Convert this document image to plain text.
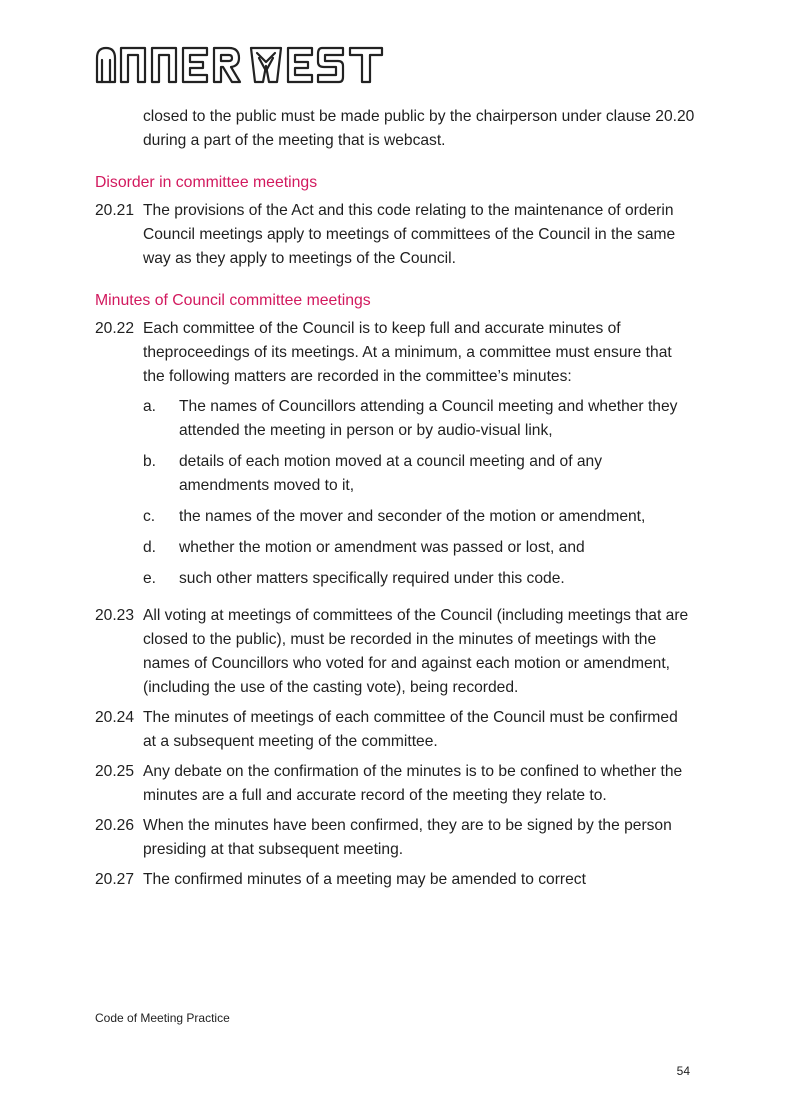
closed to the public must be made public by the chairperson under clause 20.20 during a part of the meeting that is webcast.
Disorder in committee meetings
20.21 The provisions of the Act and this code relating to the maintenance of orderin Council meetings apply to meetings of committees of the Council in the same way as they apply to meetings of the Council.
Minutes of Council committee meetings
20.22 Each committee of the Council is to keep full and accurate minutes of theproceedings of its meetings. At a minimum, a committee must ensure that the following matters are recorded in the committee’s minutes:
a.	The names of Councillors attending a Council meeting and whether they attended the meeting in person or by audio-visual link,
b.	details of each motion moved at a council meeting and of any amendments moved to it,
c.	the names of the mover and seconder of the motion or amendment,
d.	whether the motion or amendment was passed or lost, and
e.	such other matters specifically required under this code.
20.23 All voting at meetings of committees of the Council (including meetings that are closed to the public), must be recorded in the minutes of meetings with the names of Councillors who voted for and against each motion or amendment, (including the use of the casting vote), being recorded.
20.24 The minutes of meetings of each committee of the Council must be confirmed at a subsequent meeting of the committee.
20.25 Any debate on the confirmation of the minutes is to be confined to whether the minutes are a full and accurate record of the meeting they relate to.
20.26 When the minutes have been confirmed, they are to be signed by the person presiding at that subsequent meeting.
20.27 The confirmed minutes of a meeting may be amended to correct
Code of Meeting Practice
54
